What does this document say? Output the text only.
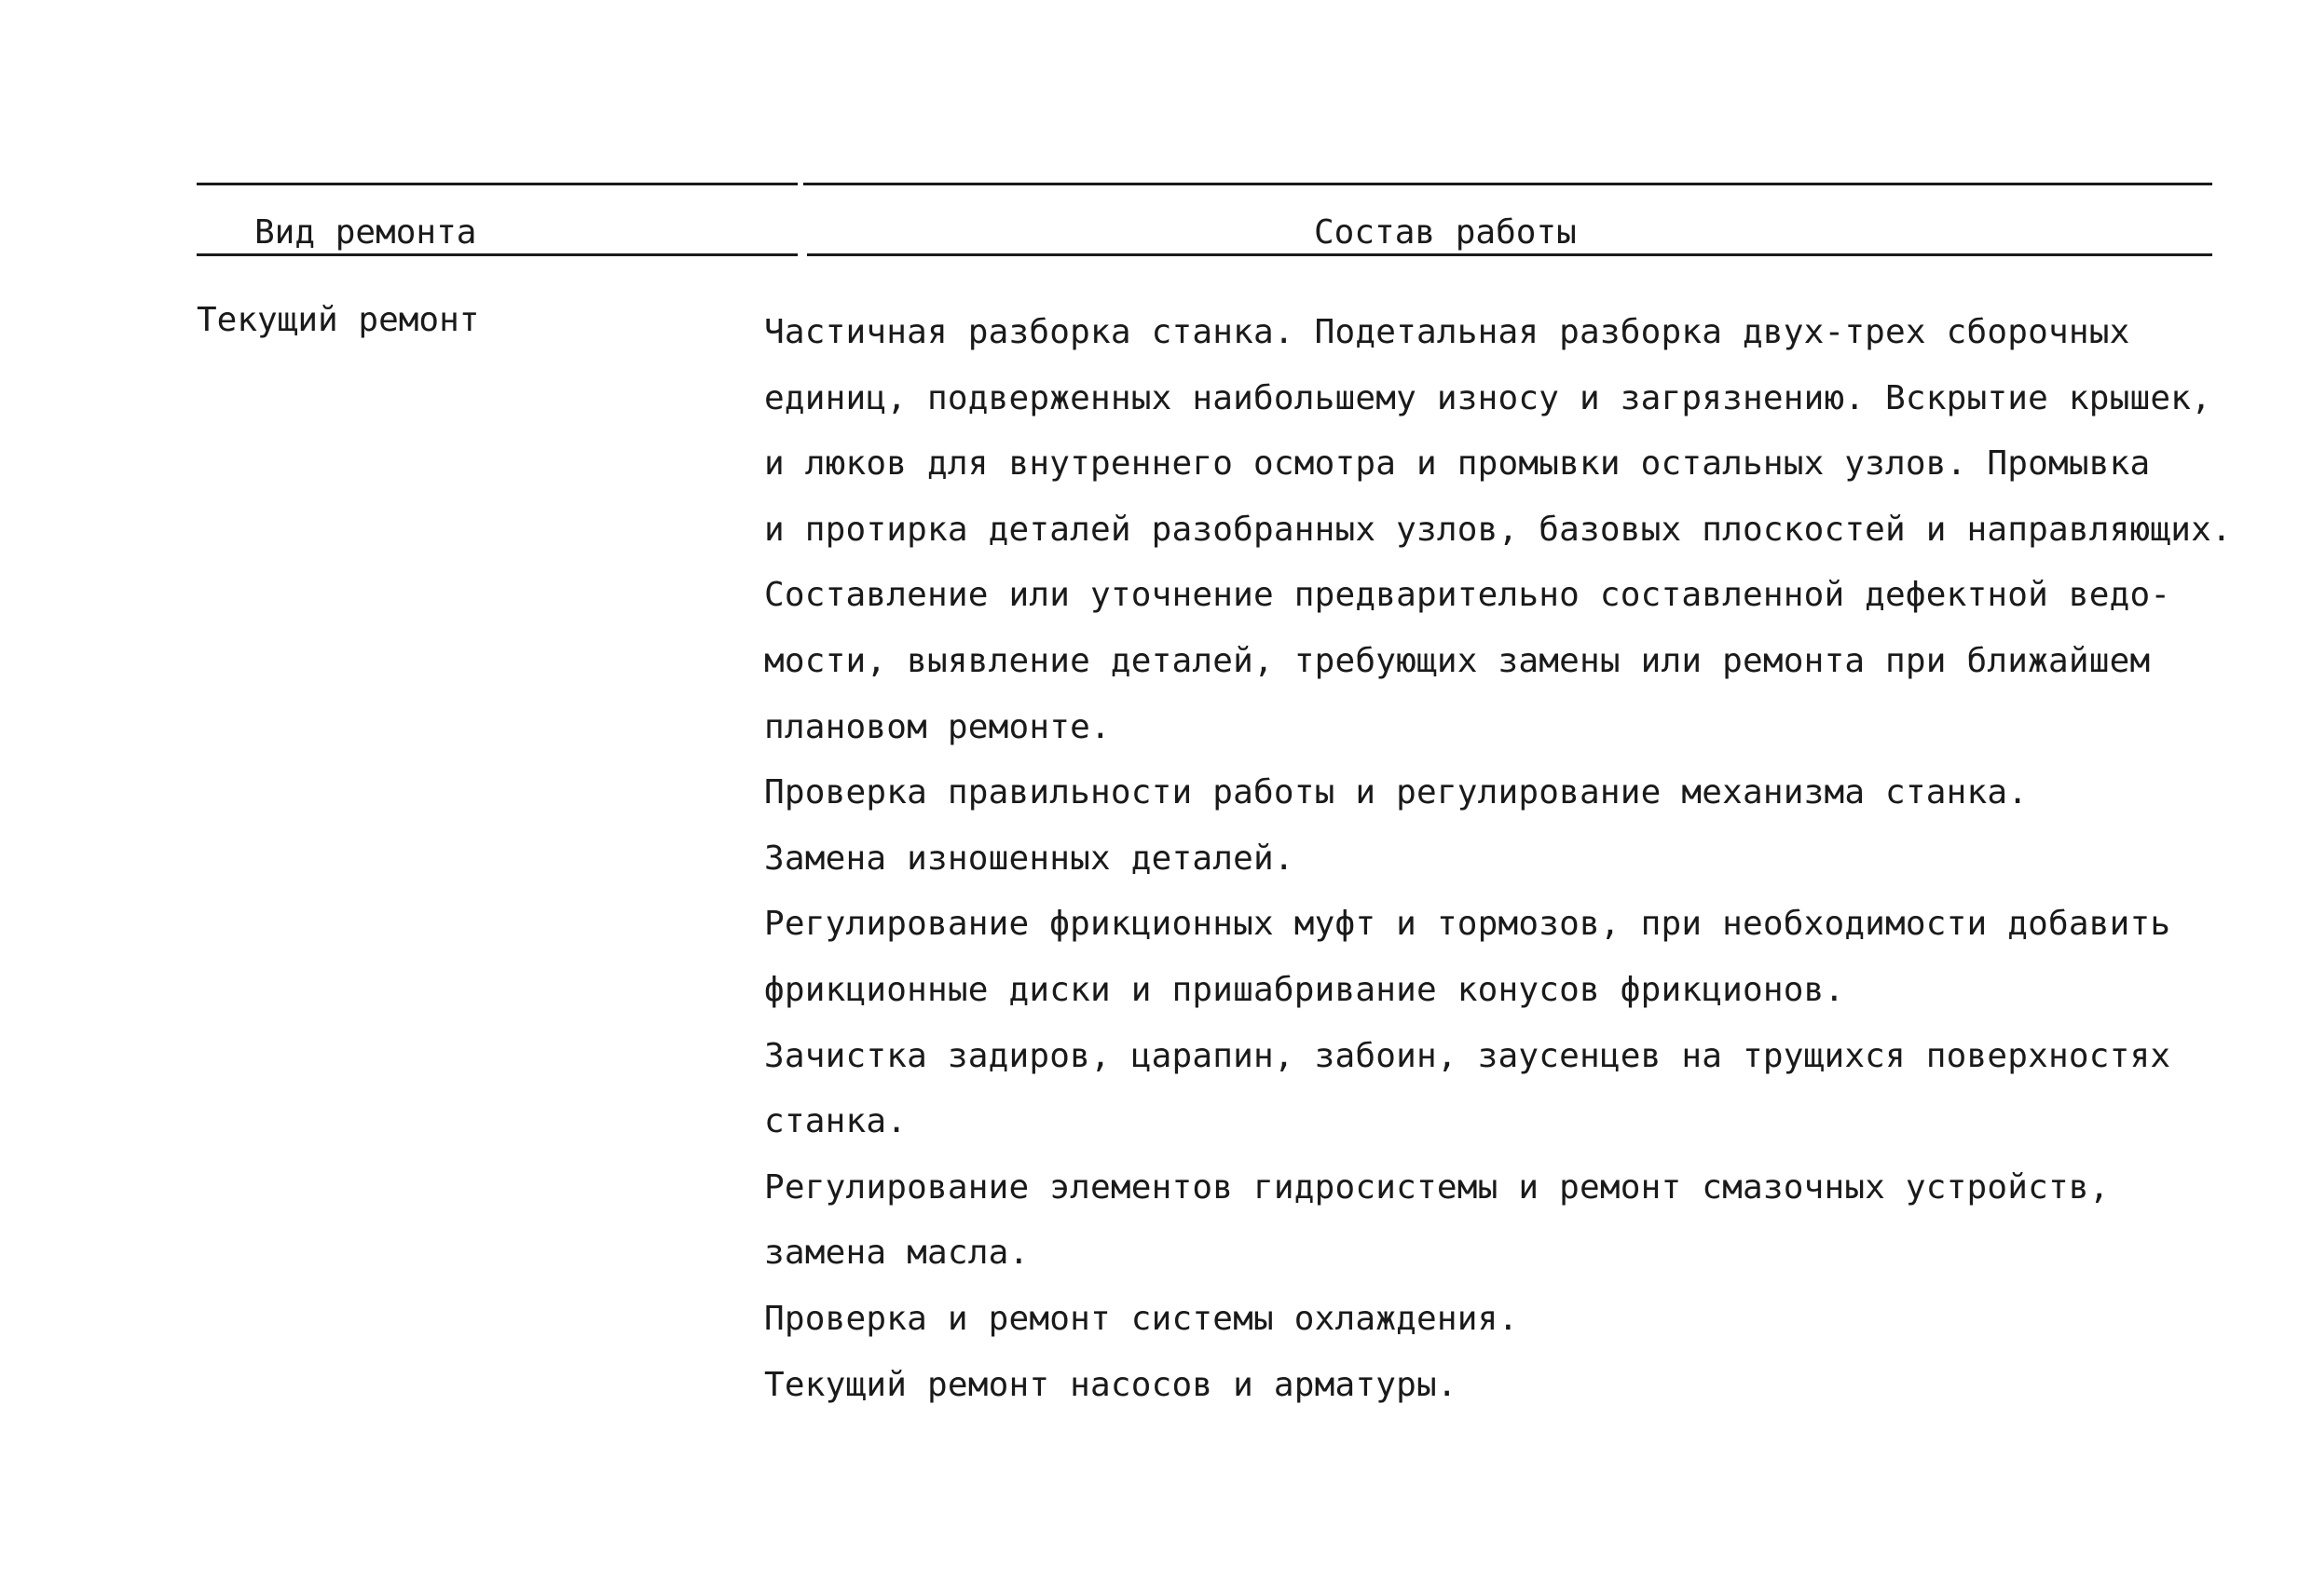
Вид ремонта	Состав работы
Текущий ремонт	Частичная разборка станка. Подетальная разборка двух-трех сборочных
единиц, подверженных наибольшему износу и загрязнению. Вскрытие крышек,
и люков для внутреннего осмотра и промывки остальных узлов. Промывка
и протирка деталей разобранных узлов, базовых плоскостей и направляющих.
Составление или уточнение предварительно составленной дефектной ведо-
мости, выявление деталей, требующих замены или ремонта при ближайшем
плановом ремонте.
Проверка правильности работы и регулирование механизма станка.
Замена изношенных деталей.
Регулирование фрикционных муфт и тормозов, при необходимости добавить
фрикционные диски и пришабривание конусов фрикционов.
Зачистка задиров, царапин, забоин, заусенцев на трущихся поверхностях
станка.
Регулирование элементов гидросистемы и ремонт смазочных устройств,
замена масла.
Проверка и ремонт системы охлаждения.
Текущий ремонт насосов и арматуры.
